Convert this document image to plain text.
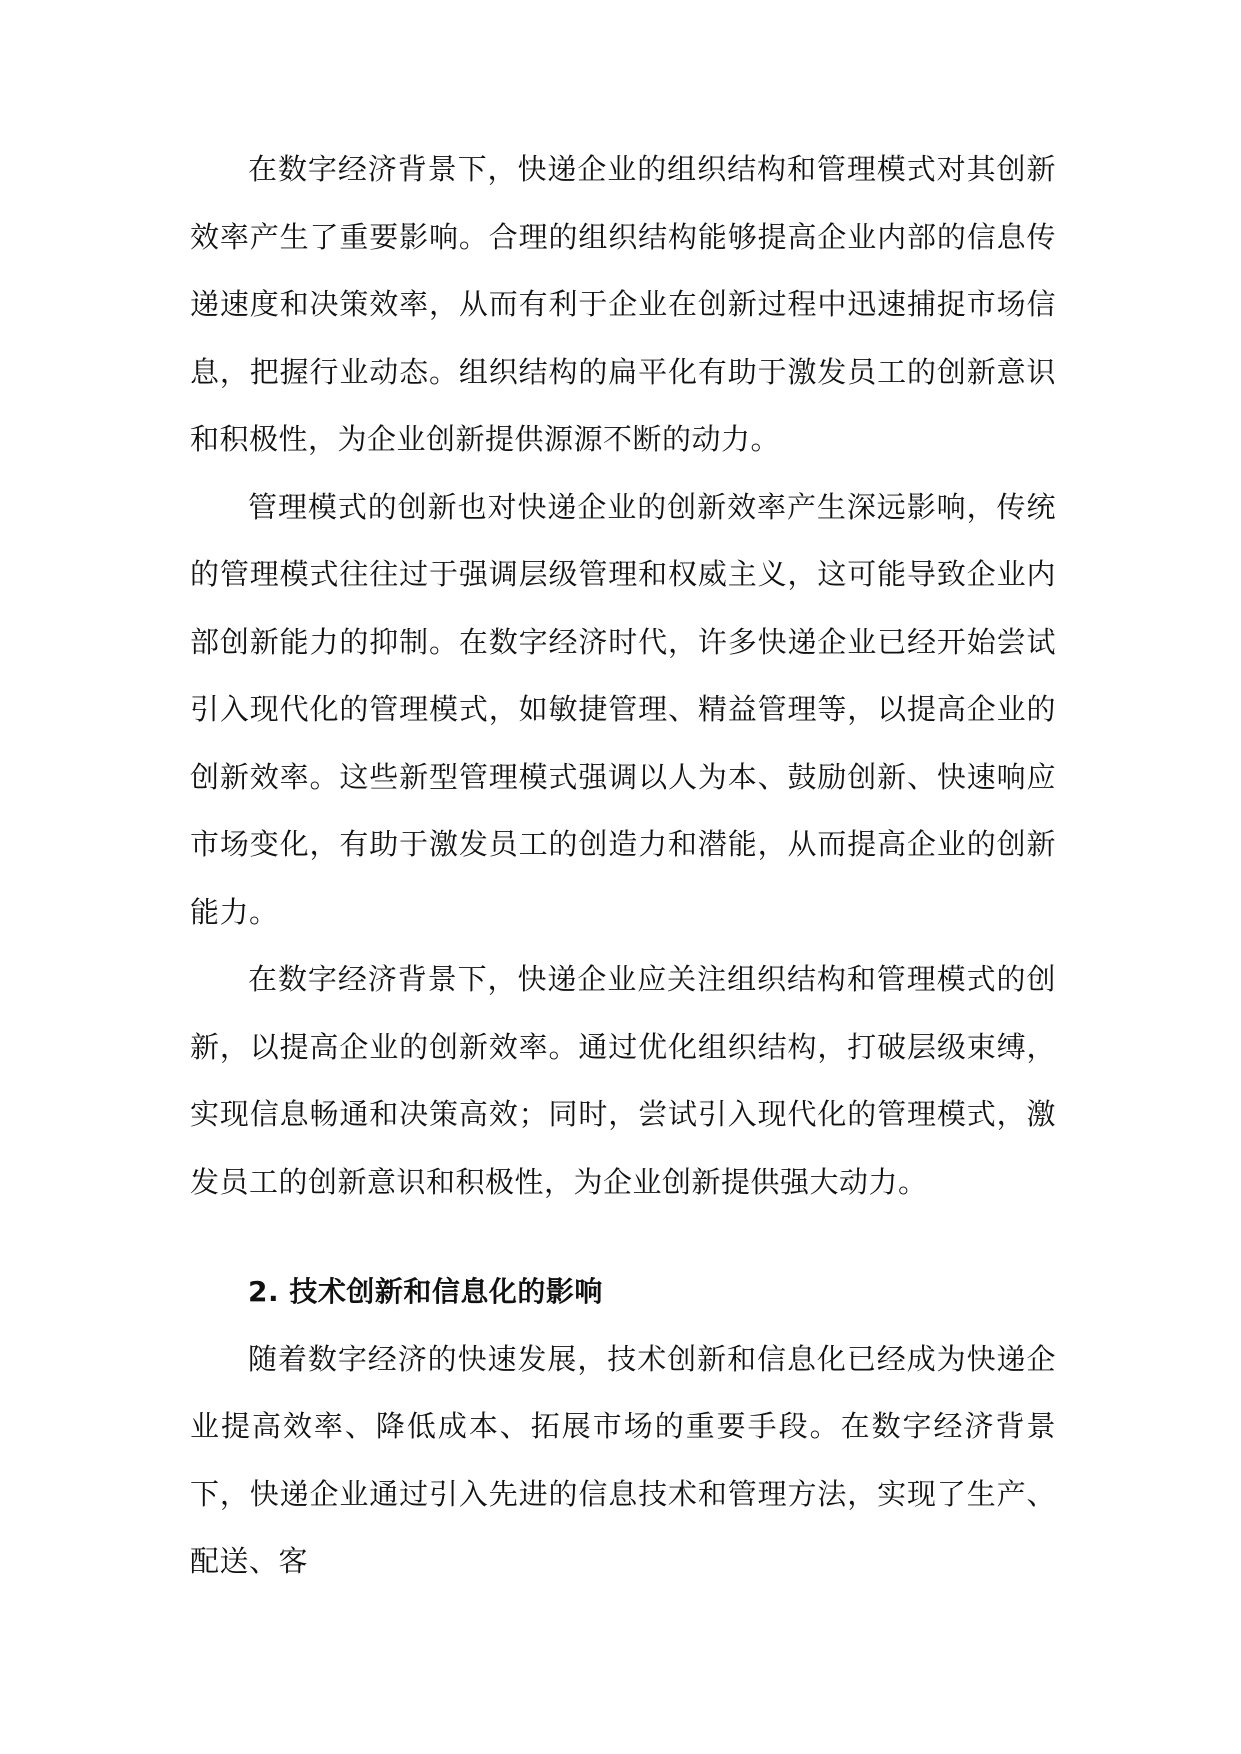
在数字经济背景下，快递企业的组织结构和管理模式对其创新效率产生了重要影响。合理的组织结构能够提高企业内部的信息传递速度和决策效率，从而有利于企业在创新过程中迅速捕捉市场信息，把握行业动态。组织结构的扁平化有助于激发员工的创新意识和积极性，为企业创新提供源源不断的动力。

管理模式的创新也对快递企业的创新效率产生深远影响，传统的管理模式往往过于强调层级管理和权威主义，这可能导致企业内部创新能力的抑制。在数字经济时代，许多快递企业已经开始尝试引入现代化的管理模式，如敏捷管理、精益管理等，以提高企业的创新效率。这些新型管理模式强调以人为本、鼓励创新、快速响应市场变化，有助于激发员工的创造力和潜能，从而提高企业的创新能力。

在数字经济背景下，快递企业应关注组织结构和管理模式的创新，以提高企业的创新效率。通过优化组织结构，打破层级束缚，实现信息畅通和决策高效；同时，尝试引入现代化的管理模式，激发员工的创新意识和积极性，为企业创新提供强大动力。

2. 技术创新和信息化的影响

随着数字经济的快速发展，技术创新和信息化已经成为快递企业提高效率、降低成本、拓展市场的重要手段。在数字经济背景下，快递企业通过引入先进的信息技术和管理方法，实现了生产、配送、客
